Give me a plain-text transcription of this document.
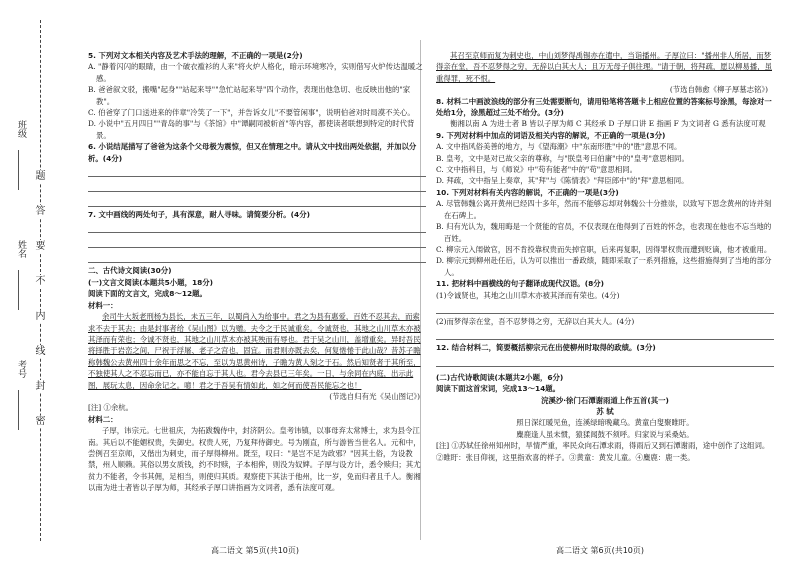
题
答
要
不
内
线
封
密
班级
姓名
考号

5. 下列对文本相关内容及艺术手法的理解，不正确的一项是(2分)

A. "静着闪闪的眼睛，由一个破衣褴衫的人来"将火炉人格化，暗示环境寒冷，实则借写火炉传达温暖之感。

B. 爸爸叙文驳，搬嘴"起身""站起来导""急忙站起来导"四个动作，表现出他急切、也反映出他的"家教"。

C. 伯爸穿了门口送进来的伴章"冷笑了一下"，并告诉女儿"不要管闲事"，说明伯爸对时局漠不关心。

D. 小说中"五月四日""青岛的事"与《茶馆》中"谭嗣同被斩首"等内容，都使读者联想到特定的时代背景。

6. 小说结尾描写了爸爸为这条个父母极为震惊，但又在情理之中。请从文中找出两处依据，并加以分析。(4分)

7. 文中画线的两处句子，具有深意，耐人寻味。请简要分析。(4分)

二、古代诗文阅读(30分)

(一)文言文阅读(本题共5小题，18分)

阅读下面的文言文，完成8～12题。

材料一：

余司牛大坂老刑杨为县长，未五三年，以蜀尚入为给事中。君之为县有惠爱，百姓不忍其去，而索求不去于其去；由是封事者给《吴山图》以为赠。夫令之于民诚重矣。令诚贤也，其地之山川草木亦被其泽而有荣也；令诚不贤也，其地之山川草木亦被其殃而有辱也。君于吴之山川，盖增重矣。异时吾民将择胜于岩峦之间，尸祝于浮屠、老子之宫也，固宜。而君则亦既去矣，何复惓惓于此山哉？昔苏子瞻称韩魏公去黄州四十余年而思之不忘，至以为思黄州诗，子瞻为黄人刻之于石。然后知贤者于其所至，不独使其人之不忍忘而已，亦不能自忘于其人也。君今去县已三年矣。一日，与余同在内庭，出示此图，展玩太息，因命余记之。噫！君之于吾吴有情如此，如之何而使吾民能忘之也！

(节选自归有光《吴山图记》)

[注] ①余杭。

材料二：

子厚，讳宗元。七世祖庆，为拓跋魏侍中，封济阴公。皇考讳镇，以事母弃太常博士，求为县令江南。其后以不能媚权贵，失御史。权贵人死，乃复拜侍御史。号为刚直，所与游皆当世名人。元和中，尝例召至京师，又偕出为刺史，而子厚得柳州。既至，叹曰："是岂不足为政邪？"因其土俗，为设教禁，州人顺赖。其俗以男女质钱，约不时赎，子本相侔，则没为奴婢。子厚与设方计，悉令赎归；其尤贫力不能者，令书其佣，足相当，则使归其质。观察使下其法于他州，比一岁，免而归者且千人。衡湘以南为进士者皆以子厚为师，其经承子厚口讲指画为文词者，悉有法度可观。

其召至京师而复为刺史也，中山刘梦得禹锡亦在遣中，当诣播州。子厚泣曰："播州非人所居，而梦得亲在堂，吾不忍梦得之穷，无辞以白其大人；且万无母子俱往理。"请于朝，将拜疏，愿以柳易播，虽重得罪，死不恨。

(节选自韩愈《柳子厚墓志铭》)

8. 材料二中画波浪线的部分有三处需要断句，请用铅笔将答题卡上相应位置的答案标号涂黑，每涂对一处给1分，涂黑超过三处不给分。(3分)

衡湘以南 A 为进士者 B 皆以子厚为师 C 其经承 D 子厚口讲 E 指画 F 为文词者 G 悉有法度可观

9. 下列对材料中加点的词语及相关内容的解说，不正确的一项是(3分)

A. 文中指风俗美善的地方，与《望海潮》中"东南形胜"中的"胜"意思不同。

B. 皇考，文中是对已故父亲的尊称，与"朕皇考曰伯庸"中的"皇考"意思相同。

C. 文中指科目，与《师说》中"苟有能者"中的"苟"意思相同。

D. 拜疏，文中指呈上奏章，其"拜"与《陈情表》"拜臣郎中"的"拜"意思相同。

10. 下列对材料有关内容的解说，不正确的一项是(3分)

A. 尽管韩魏公离开黄州已经四十多年，然而不能够忘却对韩魏公十分推崇，以致写下思念黄州的诗并刻在石碑上。

B. 归有光认为，魏用晦是一个贤能的官员，不仅表现在他得到了百姓的怀念，也表现在他也不忘当地的百姓。

C. 柳宗元入闱做官，因不肯投靠权贵而失掉官职，后来再复职，因得罪权贵而遭到贬谪，他才被重用。

D. 柳宗元到柳州赴任后，认为可以推出一番政绩，随即采取了一系列措施，这些措施得到了当地的部分人。

11. 把材料中画横线的句子翻译成现代汉语。(8分)

(1)令诚贤也，其地之山川草木亦被其泽而有荣也。(4分)

(2)而梦得亲在堂，吾不忍梦得之穷，无辞以白其大人。(4分)

12. 结合材料二，简要概括柳宗元在出使柳州时取得的政绩。(3分)

(二)古代诗歌阅读(本题共2小题，6分)

阅读下面这首宋词，完成13～14题。

浣溪沙·徐门石潭谢雨道上作五首(其一)

苏 轼

照日深红暖见鱼，连溪绿暗晚藏乌。黄童白叟聚睢盱。

麋鹿逢人虽未惯，猿猱闻鼓不须呼。归家说与采桑姑。

[注] ①苏轼任徐州知州时，旱情严重，率民众向石潭求雨，得雨后又到石潭谢雨，途中创作了这组词。②睢盱：张目仰视，这里指欢喜的样子。③黄童：黄发儿童。④麋鹿：鹿一类。

高二语文 第5页(共10页)	高二语文 第6页(共10页)
